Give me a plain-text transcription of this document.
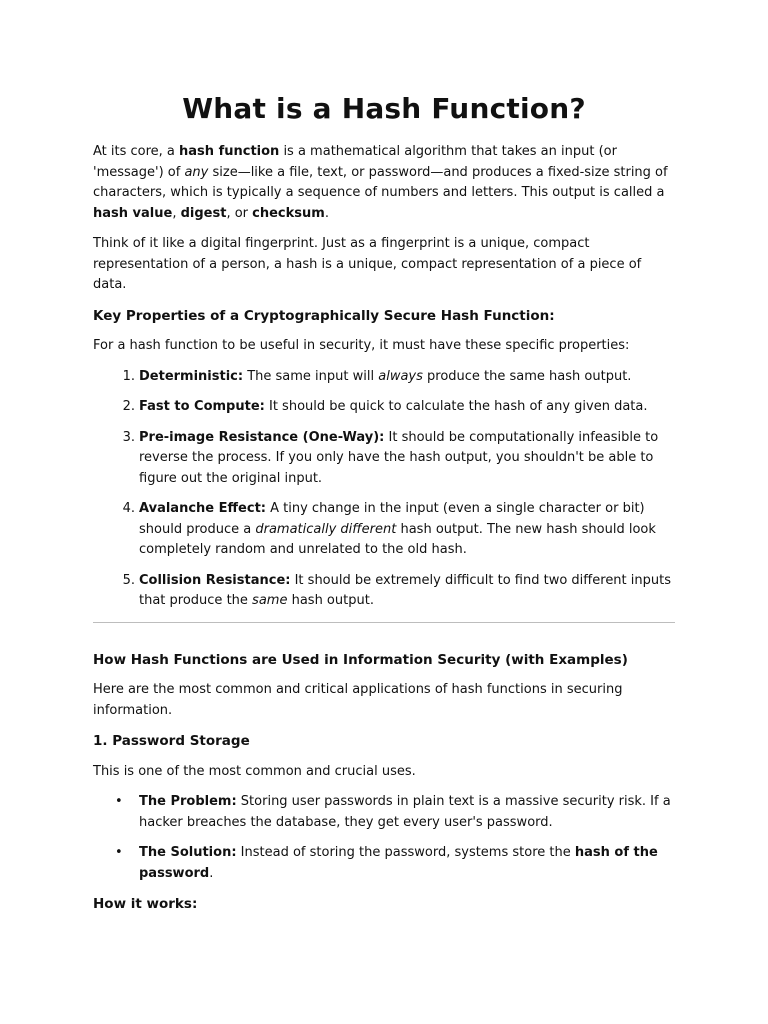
What is a Hash Function?

At its core, a hash function is a mathematical algorithm that takes an input (or 'message') of any size—like a file, text, or password—and produces a fixed-size string of characters, which is typically a sequence of numbers and letters. This output is called a hash value, digest, or checksum.

Think of it like a digital fingerprint. Just as a fingerprint is a unique, compact representation of a person, a hash is a unique, compact representation of a piece of data.

Key Properties of a Cryptographically Secure Hash Function:

For a hash function to be useful in security, it must have these specific properties:

1. Deterministic: The same input will always produce the same hash output.
2. Fast to Compute: It should be quick to calculate the hash of any given data.
3. Pre-image Resistance (One-Way): It should be computationally infeasible to reverse the process. If you only have the hash output, you shouldn't be able to figure out the original input.
4. Avalanche Effect: A tiny change in the input (even a single character or bit) should produce a dramatically different hash output. The new hash should look completely random and unrelated to the old hash.
5. Collision Resistance: It should be extremely difficult to find two different inputs that produce the same hash output.
How Hash Functions are Used in Information Security (with Examples)

Here are the most common and critical applications of hash functions in securing information.

1. Password Storage

This is one of the most common and crucial uses.

• The Problem: Storing user passwords in plain text is a massive security risk. If a hacker breaches the database, they get every user's password.
• The Solution: Instead of storing the password, systems store the hash of the password.
How it works:
